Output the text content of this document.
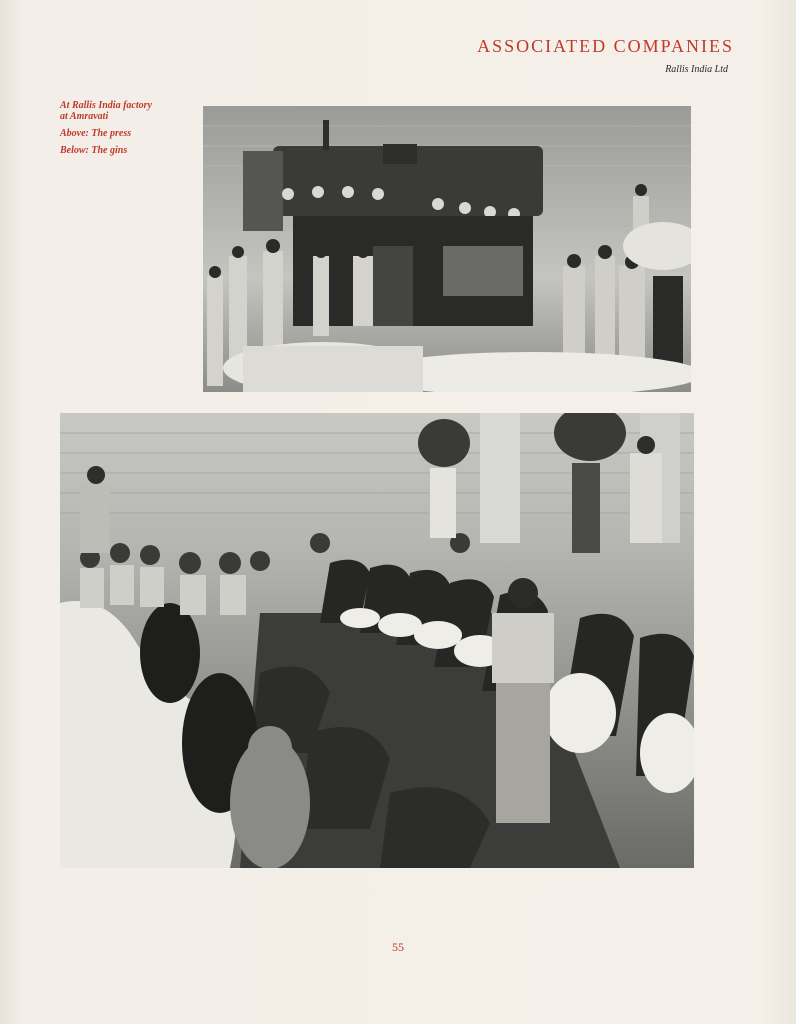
ASSOCIATED COMPANIES
Rallis India Ltd
At Rallis India factory
at Amravati
Above: The press
Below: The gins
55
